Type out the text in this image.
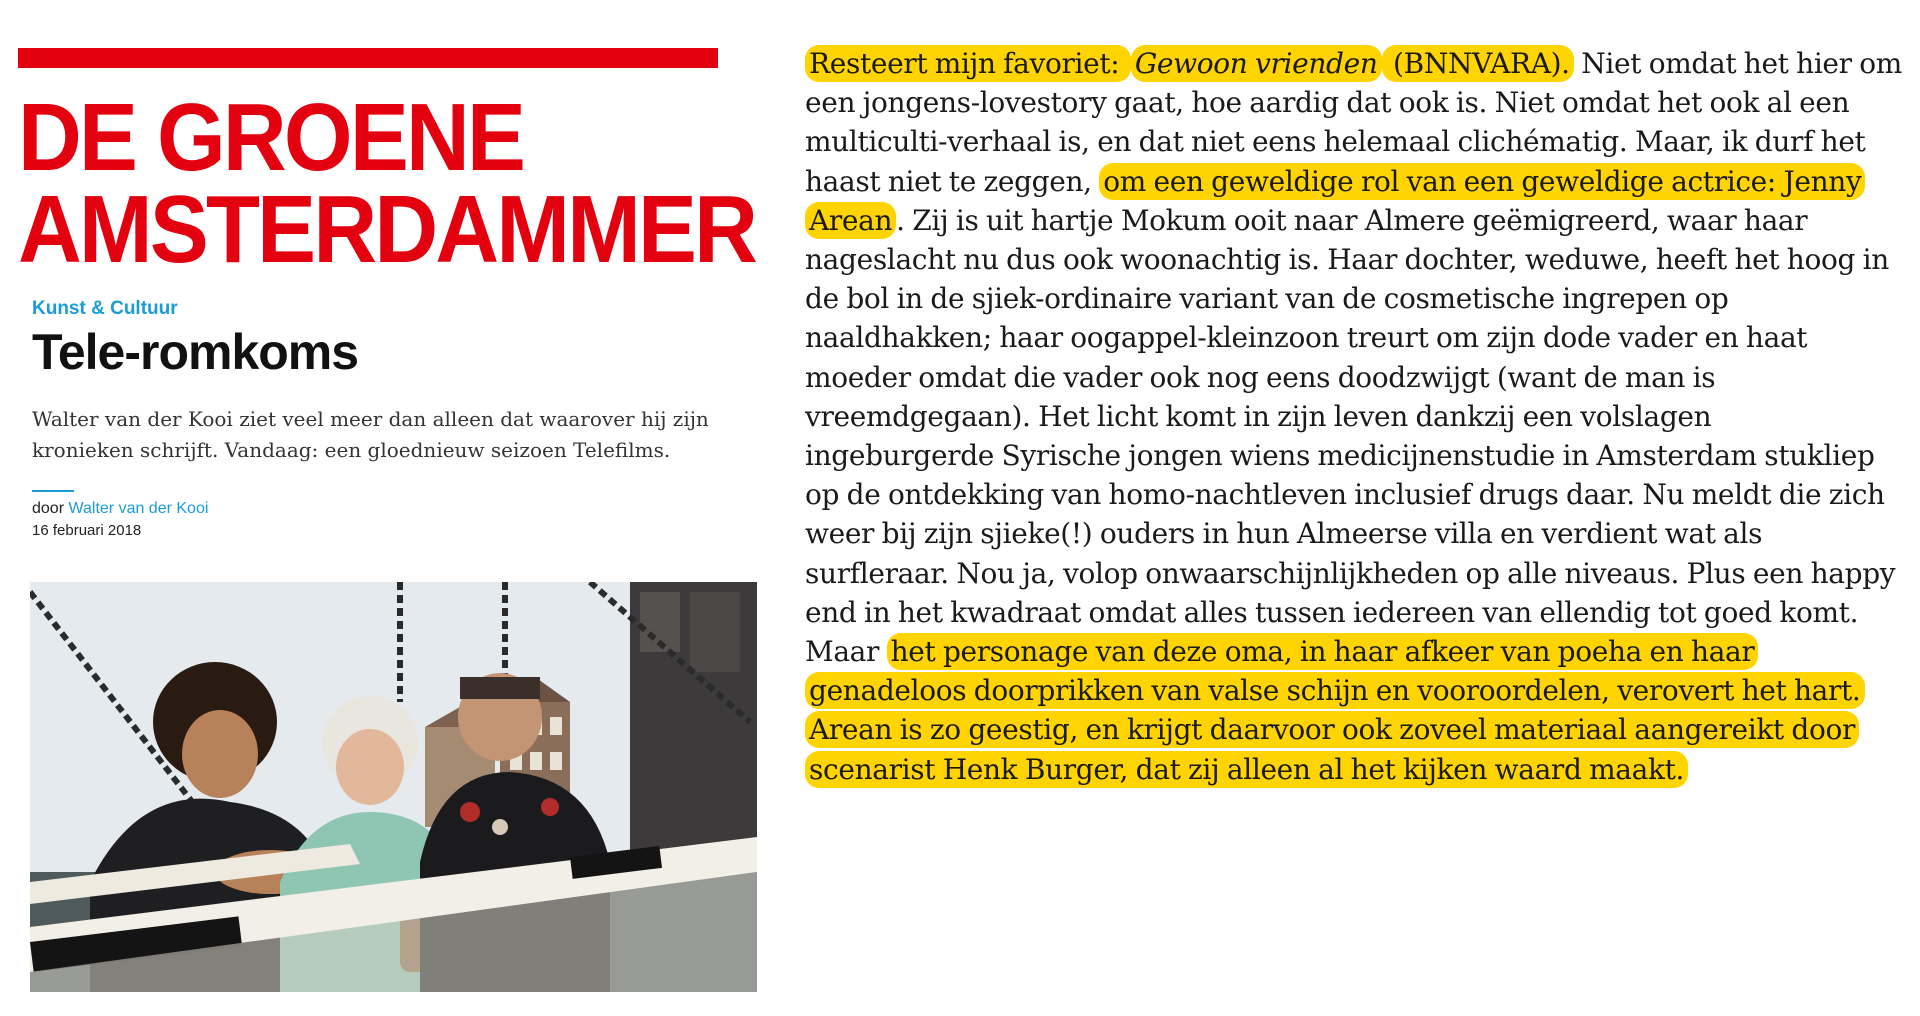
DE GROENE
AMSTERDAMMER
Kunst & Cultuur
Tele-romkoms
Walter van der Kooi ziet veel meer dan alleen dat waarover hij zijn kronieken schrijft. Vandaag: een gloednieuw seizoen Telefilms.
door Walter van der Kooi
16 februari 2018

Resteert mijn favoriet: Gewoon vrienden (BNNVARA). Niet omdat het hier om een jongens-lovestory gaat, hoe aardig dat ook is. Niet omdat het ook al een multiculti-verhaal is, en dat niet eens helemaal clichématig. Maar, ik durf het haast niet te zeggen, om een geweldige rol van een geweldige actrice: Jenny Arean . Zij is uit hartje Mokum ooit naar Almere geëmigreerd, waar haar nageslacht nu dus ook woonachtig is. Haar dochter, weduwe, heeft het hoog in de bol in de sjiek-ordinaire variant van de cosmetische ingrepen op naaldhakken; haar oogappel-kleinzoon treurt om zijn dode vader en haat moeder omdat die vader ook nog eens doodzwijgt (want de man is vreemdgegaan). Het licht komt in zijn leven dankzij een volslagen ingeburgerde Syrische jongen wiens medicijnenstudie in Amsterdam stukliep op de ontdekking van homo-nachtleven inclusief drugs daar. Nu meldt die zich weer bij zijn sjieke(!) ouders in hun Almeerse villa en verdient wat als surfleraar. Nou ja, volop onwaarschijnlijkheden op alle niveaus. Plus een happy end in het kwadraat omdat alles tussen iedereen van ellendig tot goed komt. Maar het personage van deze oma, in haar afkeer van poeha en haar genadeloos doorprikken van valse schijn en vooroordelen, verovert het hart. Arean is zo geestig, en krijgt daarvoor ook zoveel materiaal aangereikt door scenarist Henk Burger, dat zij alleen al het kijken waard maakt.
